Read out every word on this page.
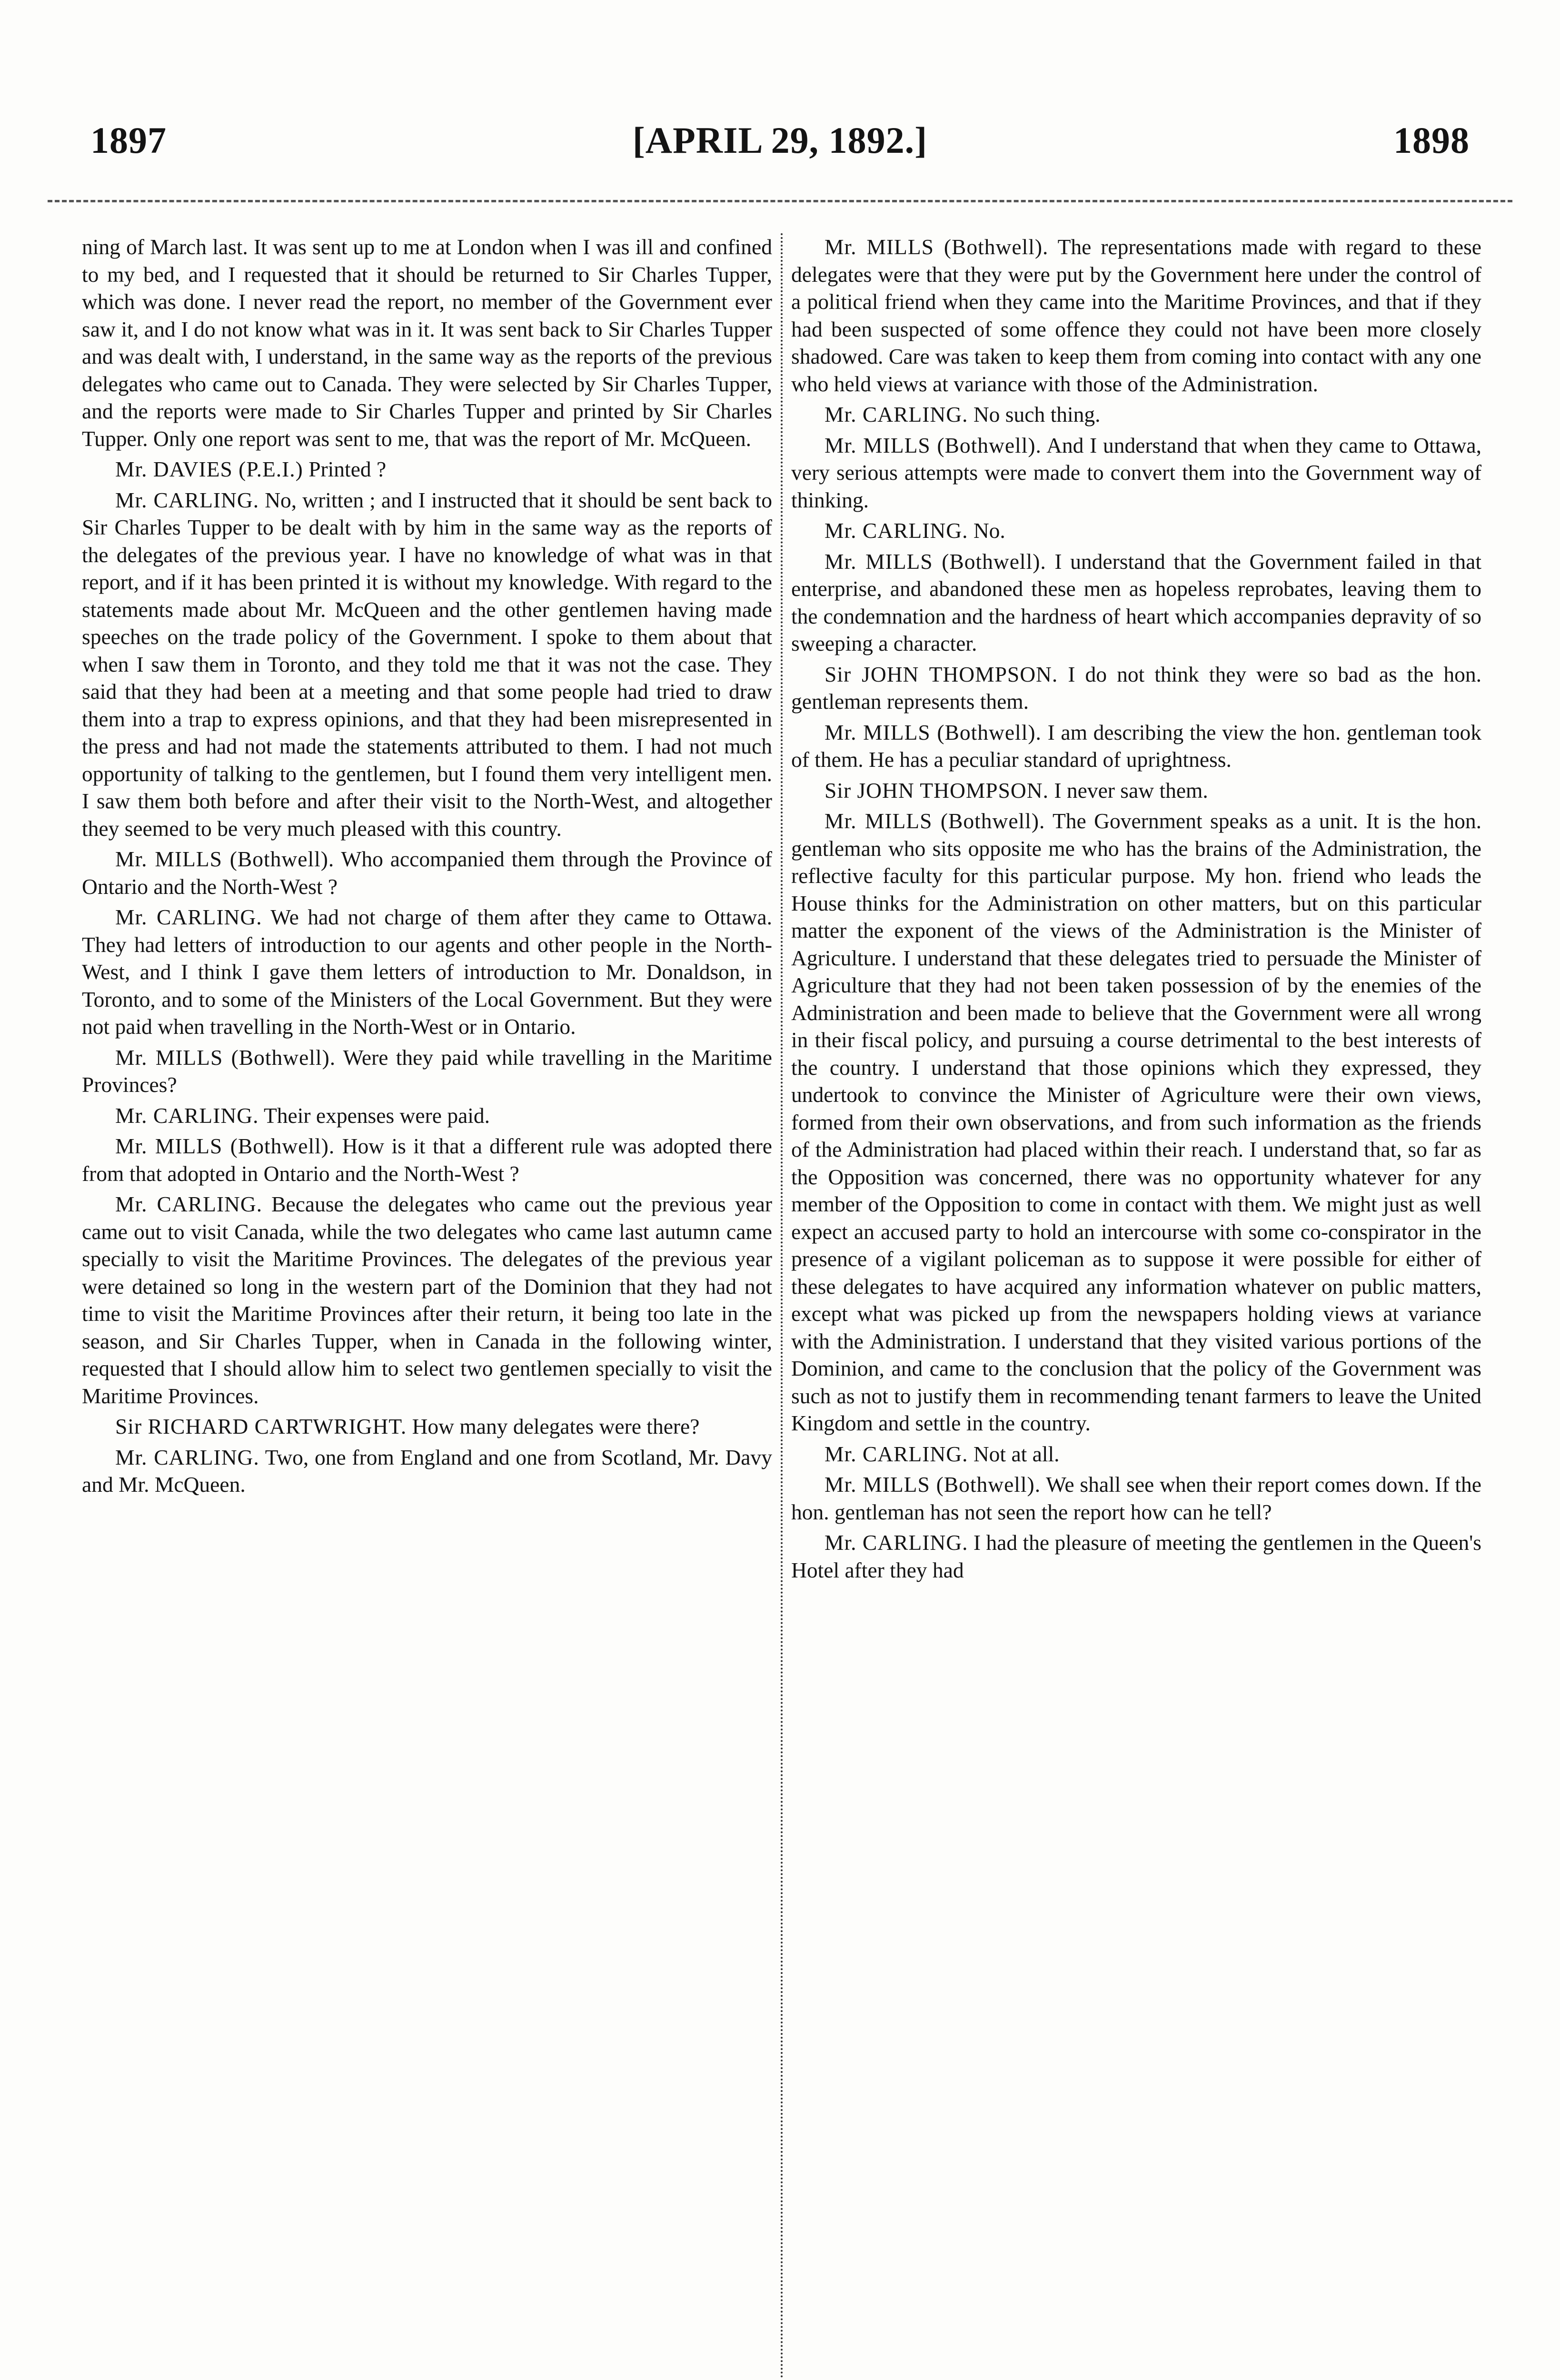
1897	[APRIL 29, 1892.]	1898

ning of March last. It was sent up to me at London when I was ill and confined to my bed, and I requested that it should be returned to Sir Charles Tupper, which was done. I never read the report, no member of the Government ever saw it, and I do not know what was in it. It was sent back to Sir Charles Tupper and was dealt with, I understand, in the same way as the reports of the previous delegates who came out to Canada. They were selected by Sir Charles Tupper, and the reports were made to Sir Charles Tupper and printed by Sir Charles Tupper. Only one report was sent to me, that was the report of Mr. McQueen.

Mr. DAVIES (P.E.I.) Printed ?

Mr. CARLING. No, written ; and I instructed that it should be sent back to Sir Charles Tupper to be dealt with by him in the same way as the reports of the delegates of the previous year. I have no knowledge of what was in that report, and if it has been printed it is without my knowledge. With regard to the statements made about Mr. McQueen and the other gentlemen having made speeches on the trade policy of the Government. I spoke to them about that when I saw them in Toronto, and they told me that it was not the case. They said that they had been at a meeting and that some people had tried to draw them into a trap to express opinions, and that they had been misrepresented in the press and had not made the statements attributed to them. I had not much opportunity of talking to the gentlemen, but I found them very intelligent men. I saw them both before and after their visit to the North-West, and altogether they seemed to be very much pleased with this country.

Mr. MILLS (Bothwell). Who accompanied them through the Province of Ontario and the North-West ?

Mr. CARLING. We had not charge of them after they came to Ottawa. They had letters of introduction to our agents and other people in the North-West, and I think I gave them letters of introduction to Mr. Donaldson, in Toronto, and to some of the Ministers of the Local Government. But they were not paid when travelling in the North-West or in Ontario.

Mr. MILLS (Bothwell). Were they paid while travelling in the Maritime Provinces?

Mr. CARLING. Their expenses were paid.

Mr. MILLS (Bothwell). How is it that a different rule was adopted there from that adopted in Ontario and the North-West ?

Mr. CARLING. Because the delegates who came out the previous year came out to visit Canada, while the two delegates who came last autumn came specially to visit the Maritime Provinces. The delegates of the previous year were detained so long in the western part of the Dominion that they had not time to visit the Maritime Provinces after their return, it being too late in the season, and Sir Charles Tupper, when in Canada in the following winter, requested that I should allow him to select two gentlemen specially to visit the Maritime Provinces.

Sir RICHARD CARTWRIGHT. How many delegates were there?

Mr. CARLING. Two, one from England and one from Scotland, Mr. Davy and Mr. McQueen.

Mr. MILLS (Bothwell). The representations made with regard to these delegates were that they were put by the Government here under the control of a political friend when they came into the Maritime Provinces, and that if they had been suspected of some offence they could not have been more closely shadowed. Care was taken to keep them from coming into contact with any one who held views at variance with those of the Administration.

Mr. CARLING. No such thing.

Mr. MILLS (Bothwell). And I understand that when they came to Ottawa, very serious attempts were made to convert them into the Government way of thinking.

Mr. CARLING. No.

Mr. MILLS (Bothwell). I understand that the Government failed in that enterprise, and abandoned these men as hopeless reprobates, leaving them to the condemnation and the hardness of heart which accompanies depravity of so sweeping a character.

Sir JOHN THOMPSON. I do not think they were so bad as the hon. gentleman represents them.

Mr. MILLS (Bothwell). I am describing the view the hon. gentleman took of them. He has a peculiar standard of uprightness.

Sir JOHN THOMPSON. I never saw them.

Mr. MILLS (Bothwell). The Government speaks as a unit. It is the hon. gentleman who sits opposite me who has the brains of the Administration, the reflective faculty for this particular purpose. My hon. friend who leads the House thinks for the Administration on other matters, but on this particular matter the exponent of the views of the Administration is the Minister of Agriculture. I understand that these delegates tried to persuade the Minister of Agriculture that they had not been taken possession of by the enemies of the Administration and been made to believe that the Government were all wrong in their fiscal policy, and pursuing a course detrimental to the best interests of the country. I understand that those opinions which they expressed, they undertook to convince the Minister of Agriculture were their own views, formed from their own observations, and from such information as the friends of the Administration had placed within their reach. I understand that, so far as the Opposition was concerned, there was no opportunity whatever for any member of the Opposition to come in contact with them. We might just as well expect an accused party to hold an intercourse with some co-conspirator in the presence of a vigilant policeman as to suppose it were possible for either of these delegates to have acquired any information whatever on public matters, except what was picked up from the newspapers holding views at variance with the Administration. I understand that they visited various portions of the Dominion, and came to the conclusion that the policy of the Government was such as not to justify them in recommending tenant farmers to leave the United Kingdom and settle in the country.

Mr. CARLING. Not at all.

Mr. MILLS (Bothwell). We shall see when their report comes down. If the hon. gentleman has not seen the report how can he tell?

Mr. CARLING. I had the pleasure of meeting the gentlemen in the Queen's Hotel after they had
